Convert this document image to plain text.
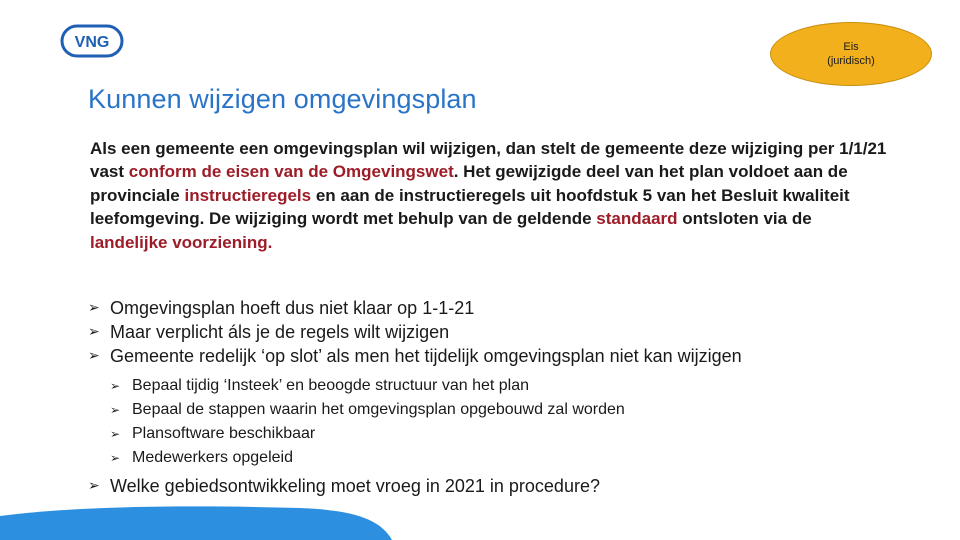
VNG	Eis
(juridisch)
Kunnen wijzigen omgevingsplan

Als een gemeente een omgevingsplan wil wijzigen, dan stelt de gemeente deze wijziging per 1/1/21 vast conform de eisen van de Omgevingswet. Het gewijzigde deel van het plan voldoet aan de provinciale instructieregels en aan de instructieregels uit hoofdstuk 5 van het Besluit kwaliteit leefomgeving. De wijziging wordt met behulp van de geldende standaard ontsloten via de landelijke voorziening.

➢ Omgevingsplan hoeft dus niet klaar op 1-1-21
➢ Maar verplicht áls je de regels wilt wijzigen
➢ Gemeente redelijk ‘op slot’ als men het tijdelijk omgevingsplan niet kan wijzigen
➢ Bepaal tijdig ‘Insteek’ en beoogde structuur van het plan
➢ Bepaal de stappen waarin het omgevingsplan opgebouwd zal worden
➢ Plansoftware beschikbaar
➢ Medewerkers opgeleid
➢ Welke gebiedsontwikkeling moet vroeg in 2021 in procedure?
